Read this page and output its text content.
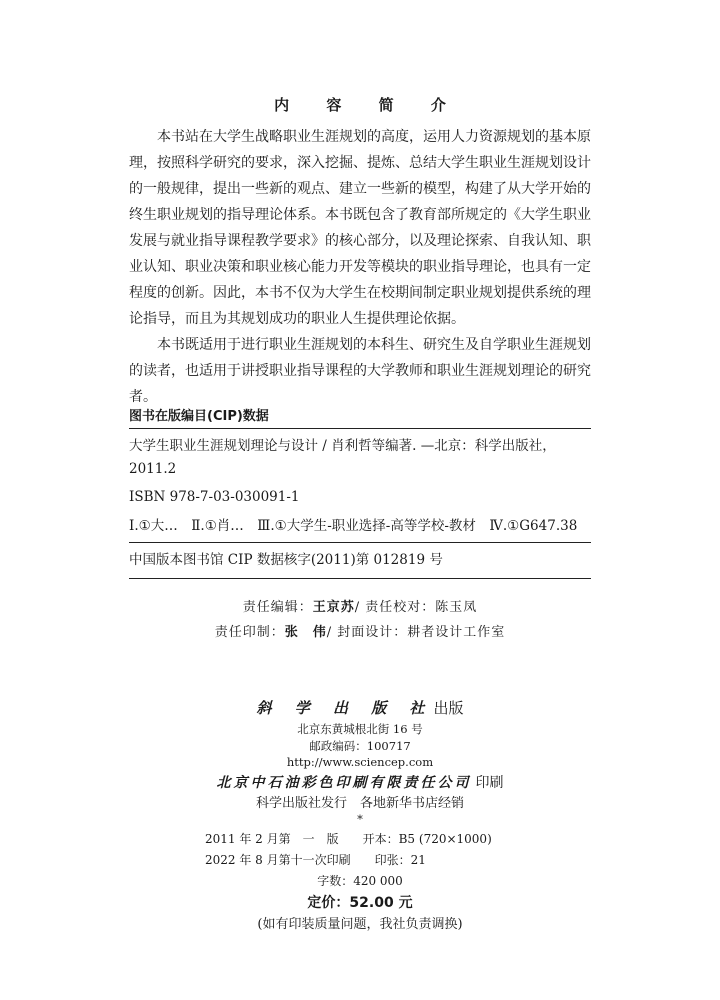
内 容 简 介

本书站在大学生战略职业生涯规划的高度，运用人力资源规划的基本原理，按照科学研究的要求，深入挖掘、提炼、总结大学生职业生涯规划设计的一般规律，提出一些新的观点、建立一些新的模型，构建了从大学开始的终生职业规划的指导理论体系。本书既包含了教育部所规定的《大学生职业发展与就业指导课程教学要求》的核心部分，以及理论探索、自我认知、职业认知、职业决策和职业核心能力开发等模块的职业指导理论，也具有一定程度的创新。因此，本书不仅为大学生在校期间制定职业规划提供系统的理论指导，而且为其规划成功的职业人生提供理论依据。

本书既适用于进行职业生涯规划的本科生、研究生及自学职业生涯规划的读者，也适用于讲授职业指导课程的大学教师和职业生涯规划理论的研究者。

图书在版编目(CIP)数据

大学生职业生涯规划理论与设计 / 肖利哲等编著. —北京：科学出版社，2011.2

ISBN 978-7-03-030091-1

Ⅰ.①大…　Ⅱ.①肖…　Ⅲ.①大学生-职业选择-高等学校-教材　Ⅳ.①G647.38

中国版本图书馆 CIP 数据核字(2011)第 012819 号

责任编辑：王京苏/ 责任校对：陈玉凤
责任印制：张　伟/ 封面设计：耕者设计工作室
斜 学 出 版 社出版
北京东黄城根北街 16 号
邮政编码：100717
http://www.sciencep.com
北京中石油彩色印刷有限责任公司 印刷
科学出版社发行　各地新华书店经销
*
2011 年 2 月第　一　版　　开本：B5 (720×1000)
2022 年 8 月第十一次印刷　　印张：21
字数：420 000
定价：52.00 元
(如有印装质量问题，我社负责调换)
